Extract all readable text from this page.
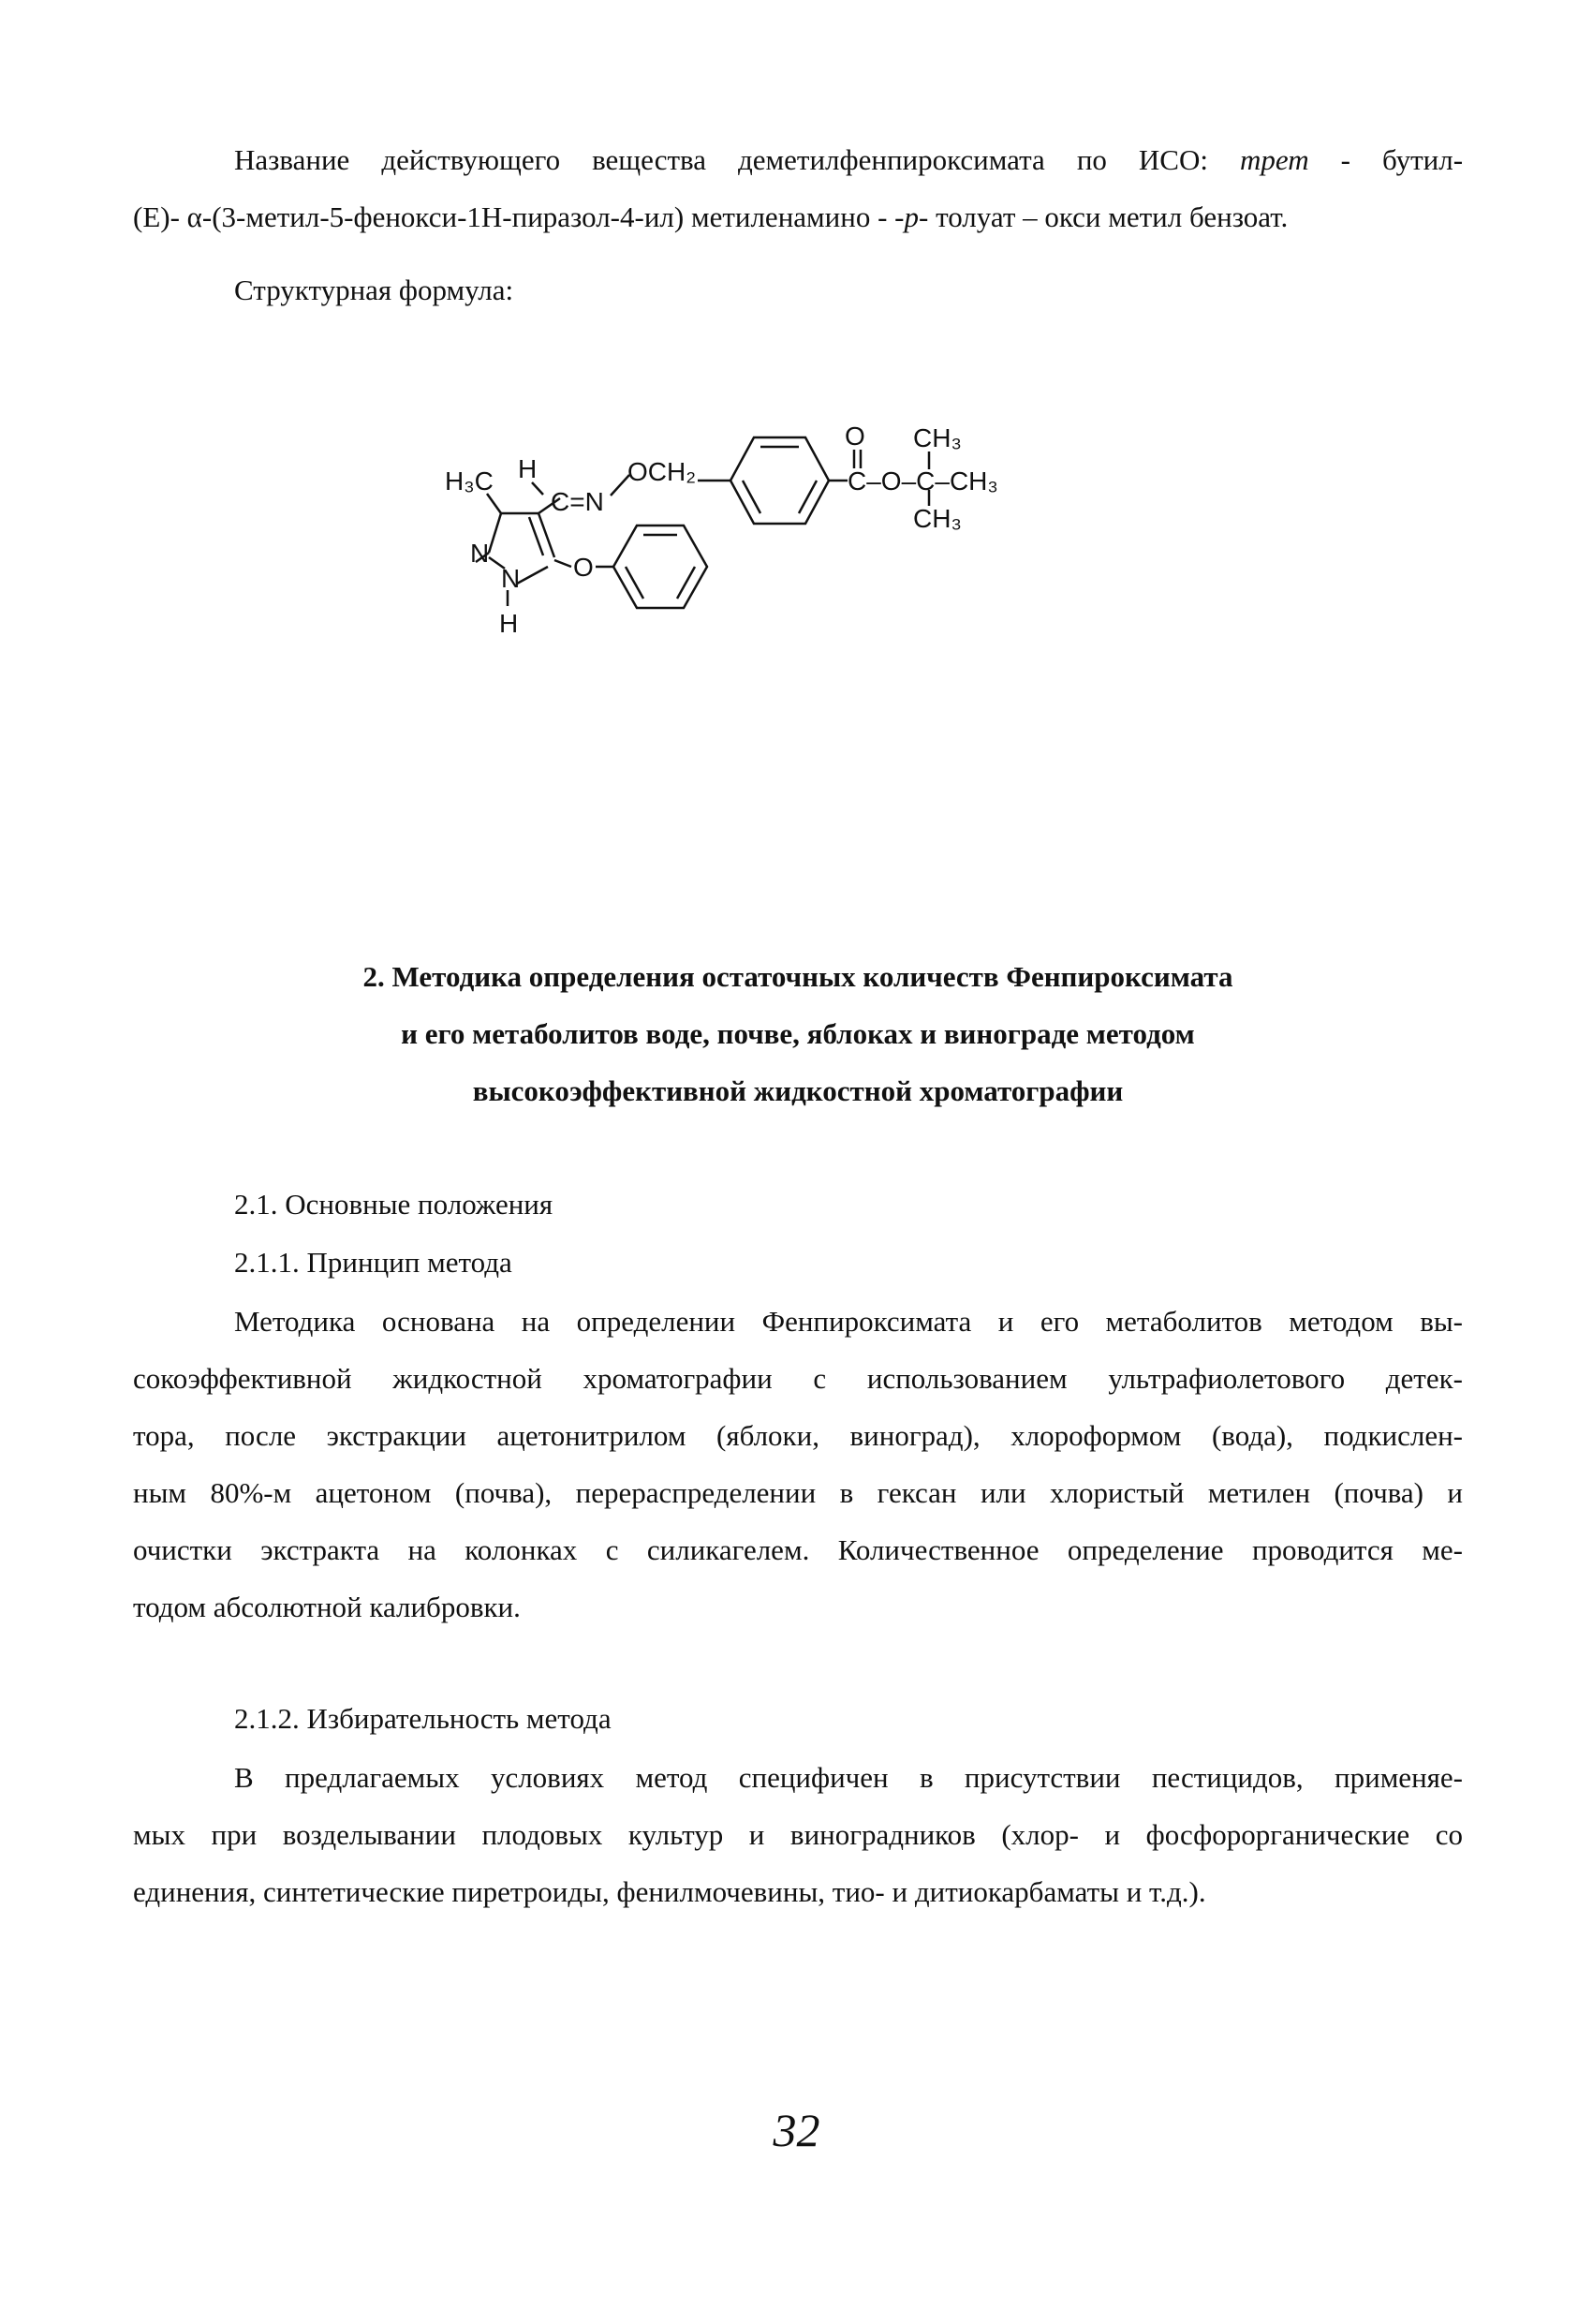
Название действующего вещества деметилфенпироксимата по ИСО: трет - бутил-
(E)- α-(3-метил-5-фенокси-1H-пиразол-4-ил) метиленамино - -p- толуат – окси метил бензоат.
Структурная формула:
H₃C H
C=N
OCH₂
O
C–O–C–CH₃
CH₃
CH₃
N
N
H
O
2. Методика определения остаточных количеств Фенпироксимата
и его метаболитов воде, почве, яблоках и винограде методом
высокоэффективной жидкостной хроматографии
2.1. Основные положения
2.1.1. Принцип метода
Методика основана на определении Фенпироксимата и его метаболитов методом вы-
сокоэффективной жидкостной хроматографии с использованием ультрафиолетового детек-
тора, после экстракции ацетонитрилом (яблоки, виноград), хлороформом (вода), подкислен-
ным 80%-м ацетоном (почва), перераспределении в гексан или хлористый метилен (почва) и
очистки экстракта на колонках с силикагелем. Количественное определение проводится ме-
тодом абсолютной калибровки.
2.1.2. Избирательность метода
В предлагаемых условиях метод специфичен в присутствии пестицидов, применяе-
мых при возделывании плодовых культур и виноградников (хлор- и фосфорорганические со
единения, синтетические пиретроиды, фенилмочевины, тио- и дитиокарбаматы и т.д.).
32
